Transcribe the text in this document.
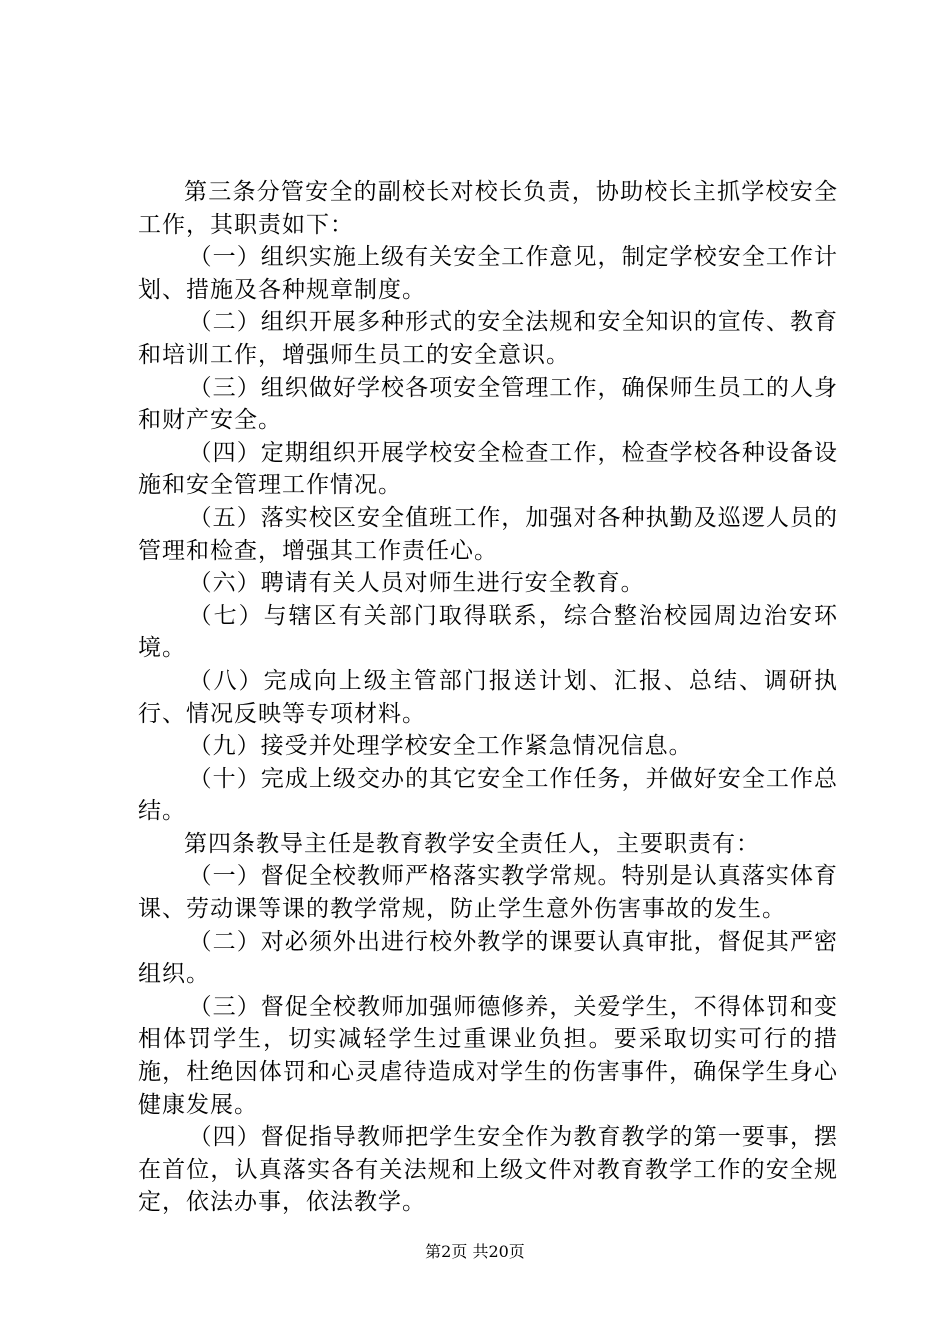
第三条分管安全的副校长对校长负责，协助校长主抓学校安全工作，其职责如下：

（一）组织实施上级有关安全工作意见，制定学校安全工作计划、措施及各种规章制度。

（二）组织开展多种形式的安全法规和安全知识的宣传、教育和培训工作，增强师生员工的安全意识。

（三）组织做好学校各项安全管理工作，确保师生员工的人身和财产安全。

（四）定期组织开展学校安全检查工作，检查学校各种设备设施和安全管理工作情况。

（五）落实校区安全值班工作，加强对各种执勤及巡逻人员的管理和检查，增强其工作责任心。

（六）聘请有关人员对师生进行安全教育。

（七）与辖区有关部门取得联系，综合整治校园周边治安环境。

（八）完成向上级主管部门报送计划、汇报、总结、调研执行、情况反映等专项材料。

（九）接受并处理学校安全工作紧急情况信息。

（十）完成上级交办的其它安全工作任务，并做好安全工作总结。

第四条教导主任是教育教学安全责任人，主要职责有：

（一）督促全校教师严格落实教学常规。特别是认真落实体育课、劳动课等课的教学常规，防止学生意外伤害事故的发生。

（二）对必须外出进行校外教学的课要认真审批，督促其严密组织。

（三）督促全校教师加强师德修养，关爱学生，不得体罚和变相体罚学生，切实减轻学生过重课业负担。要采取切实可行的措施，杜绝因体罚和心灵虐待造成对学生的伤害事件，确保学生身心健康发展。

（四）督促指导教师把学生安全作为教育教学的第一要事，摆在首位，认真落实各有关法规和上级文件对教育教学工作的安全规定，依法办事，依法教学。

第2页 共20页
